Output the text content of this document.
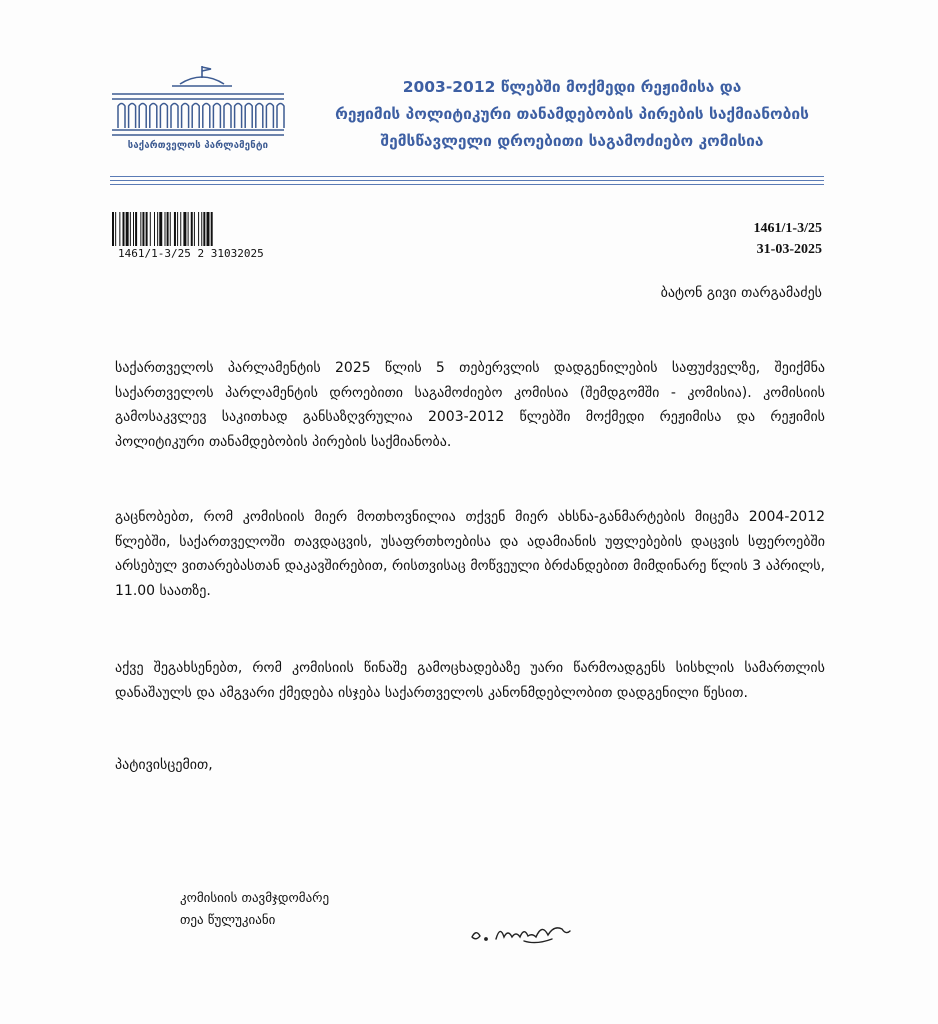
საქართველოს პარლამენტი
2003-2012 წლებში მოქმედი რეჟიმისა და
რეჟიმის პოლიტიკური თანამდებობის პირების საქმიანობის
შემსწავლელი დროებითი საგამოძიებო კომისია
1461/1-3/25 2 31032025
1461/1-3/25
31-03-2025
ბატონ გივი თარგამაძეს
საქართველოს პარლამენტის 2025 წლის 5 თებერვლის დადგენილების საფუძველზე, შეიქმნა საქართველოს პარლამენტის დროებითი საგამოძიებო კომისია (შემდგომში - კომისია). კომისიის გამოსაკვლევ საკითხად განსაზღვრულია 2003-2012 წლებში მოქმედი რეჟიმისა და რეჟიმის პოლიტიკური თანამდებობის პირების საქმიანობა.
გაცნობებთ, რომ კომისიის მიერ მოთხოვნილია თქვენ მიერ ახსნა-განმარტების მიცემა 2004-2012 წლებში, საქართველოში თავდაცვის, უსაფრთხოებისა და ადამიანის უფლებების დაცვის სფეროებში არსებულ ვითარებასთან დაკავშირებით, რისთვისაც მოწვეული ბრძანდებით მიმდინარე წლის 3 აპრილს, 11.00 საათზე.
აქვე შეგახსენებთ, რომ კომისიის წინაშე გამოცხადებაზე უარი წარმოადგენს სისხლის სამართლის დანაშაულს და ამგვარი ქმედება ისჯება საქართველოს კანონმდებლობით დადგენილი წესით.
პატივისცემით,
კომისიის თავმჯდომარე
თეა წულუკიანი
